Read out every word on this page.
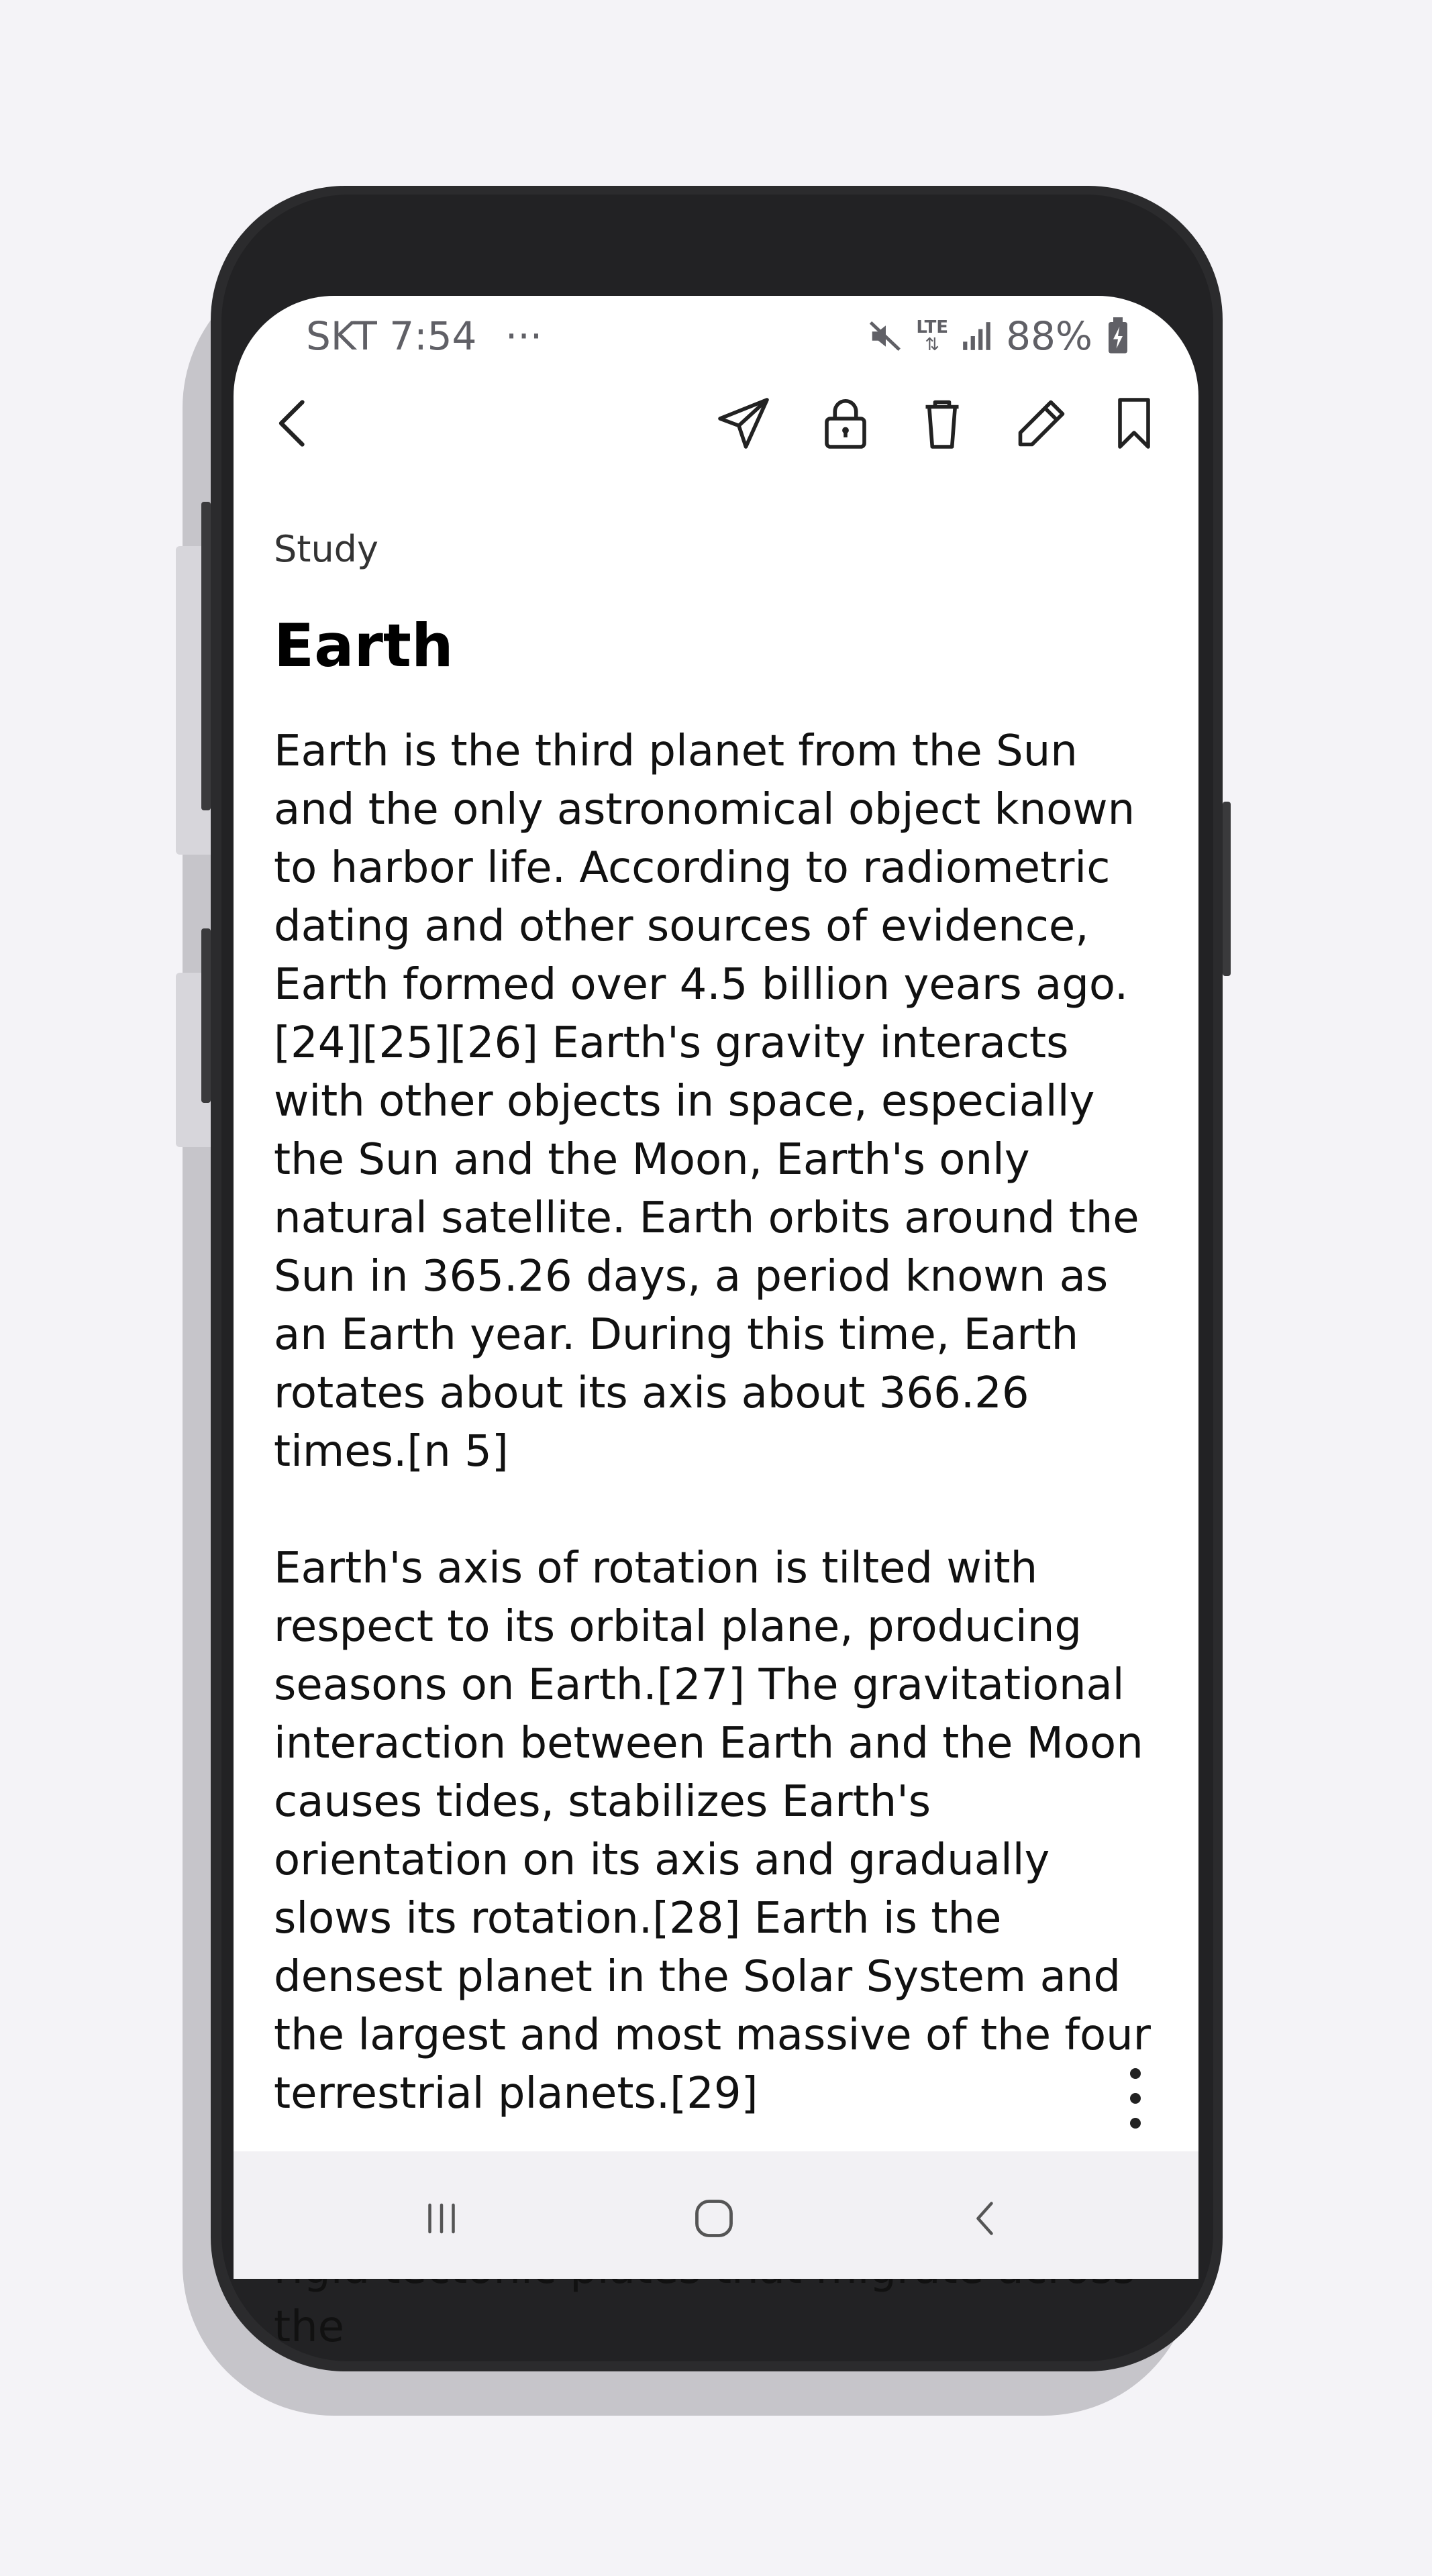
SKT 7:54 ···	LTE
⇅ 88%
Study
Earth

Earth is the third planet from the Sun and the only astronomical object known to harbor life. According to radiometric dating and other sources of evidence, Earth formed over 4.5 billion years ago.[24][25][26] Earth's gravity interacts with other objects in space, especially the Sun and the Moon, Earth's only natural satellite. Earth orbits around the Sun in 365.26 days, a period known as an Earth year. During this time, Earth rotates about its axis about 366.26 times.[n 5]

Earth's axis of rotation is tilted with respect to its orbital plane, producing seasons on Earth.[27] The gravitational interaction between Earth and the Moon causes tides, stabilizes Earth's orientation on its axis and gradually slows its rotation.[28] Earth is the densest planet in the Solar System and the largest and most massive of the four terrestrial planets.[29]

the
